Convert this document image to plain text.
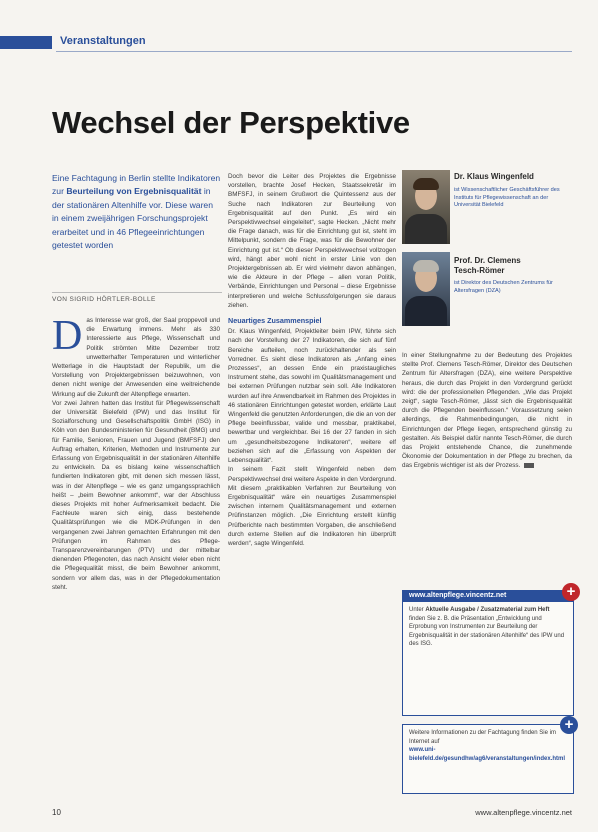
Veranstaltungen
Wechsel der Perspektive
Eine Fachtagung in Berlin stellte Indikatoren zur Beurteilung von Ergebnisqualität in der stationären Altenhilfe vor. Diese waren in einem zweijährigen Forschungsprojekt erarbeitet und in 46 Pflegeeinrichtungen getestet worden
VON SIGRID HÖRTLER-BOLLE
D as Interesse war groß, der Saal proppevoll und die Erwartung immens. Mehr als 330 Interessierte aus Pflege, Wissenschaft und Politik strömten Mitte Dezember trotz unwetterhafter Temperaturen und winterlicher Wetterlage in die Hauptstadt der Republik, um die Vorstellung von Projektergebnissen beizuwohnen, von denen nicht wenige der Anwesenden eine weitreichende Wirkung auf die Zukunft der Altenpflege erwarten.

Vor zwei Jahren hatten das Institut für Pflegewissenschaft der Universität Bielefeld (IPW) und das Institut für Sozialforschung und Gesellschaftspolitik GmbH (ISG) in Köln von den Bundesministerien für Gesundheit (BMG) und für Familie, Senioren, Frauen und Jugend (BMFSFJ) den Auftrag erhalten, Kriterien, Methoden und Instrumente zur Erfassung von Ergebnisqualität in der stationären Altenhilfe zu entwickeln. Da es bislang keine wissenschaftlich fundierten Indikatoren gibt, mit denen sich messen lässt, was in der Altenpflege – wie es ganz umgangssprachlich heißt – „beim Bewohner ankommt“, war der Abschluss dieses Projekts mit hoher Aufmerksamkeit bedacht. Die Fachleute waren sich einig, dass bestehende Qualitätsprüfungen wie die MDK-Prüfungen in den vergangenen zwei Jahren gemachten Erfahrungen mit den Prüfungen im Rahmen des Pflege-Transparenzvereinbarungen (PTV) und der mittelbar dienenden Pflegenoten, das nach Ansicht vieler eben nicht die Pflegequalität misst, die beim Bewohner ankommt, sondern vor allem das, was in der Pflegedokumentation steht.

Doch bevor die Leiter des Projektes die Ergebnisse vorstellen, brachte Josef Hecken, Staatssekretär im BMFSFJ, in seinem Grußwort die Quintessenz aus der Suche nach Indikatoren zur Beurteilung von Ergebnisqualität auf den Punkt. „Es wird ein Perspektivwechsel eingeleitet“, sagte Hecken. „Nicht mehr die Frage danach, was für die Einrichtung gut ist, steht im Mittelpunkt, sondern die Frage, was für die Bewohner der Einrichtung gut ist.“ Ob dieser Perspektivwechsel vollzogen wird, hängt aber wohl nicht in erster Linie von den Projektergebnissen ab. Er wird vielmehr davon abhängen, wie die Akteure in der Pflege – allen voran Politik, Verbände, Einrichtungen und Personal – diese Ergebnisse interpretieren und welche Schlussfolgerungen sie daraus ziehen.

Neuartiges Zusammenspiel

Dr. Klaus Wingenfeld, Projektleiter beim IPW, führte sich nach der Vorstellung der 27 Indikatoren, die sich auf fünf Bereiche aufteilen, noch zurückhaltender als sein Vorredner. Es sieht diese Indikatoren als „Anfang eines Prozesses“, an dessen Ende ein praxistaugliches Instrument stehe, das sowohl im Qualitätsmanagement und bei externen Prüfungen nutzbar sein soll. Alle Indikatoren wurden auf ihre Anwendbarkeit im Rahmen des Projektes in 46 stationären Einrichtungen getestet worden, erklärte Laut Wingenfeld die genutzten Anforderungen, die die an von der Pflege beeinflussbar, valide und messbar, praktikabel, bewertbar und vergleichbar. Bei 16 der 27 fanden in sich um „gesundheitsbezogene Indikatoren“, weitere elf beziehen sich auf die „Erfassung von Aspekten der Lebensqualität“.

In seinem Fazit stellt Wingenfeld neben dem Perspektivwechsel drei weitere Aspekte in den Vordergrund. Mit diesem „praktikablen Verfahren zur Beurteilung von Ergebnisqualität“ wäre ein neuartiges Zusammenspiel zwischen internem Qualitätsmanagement und externen Prüfinstanzen möglich. „Die Einrichtung erstellt künftig Prüfberichte nach bestimmten Vorgaben, die anschließend durch externe Stellen auf die Indikatoren hin überprüft werden“, sagte Wingenfeld.

Dr. Klaus Wingenfeld
ist Wissenschaftlicher Geschäftsführer des Instituts für Pflegewissenschaft an der Universität Bielefeld
Prof. Dr. Clemens
Tesch-Römer
ist Direktor des Deutschen Zentrums für Altersfragen (DZA)

In einer Stellungnahme zu der Bedeutung des Projektes stellte Prof. Clemens Tesch-Römer, Direktor des Deutschen Zentrum für Altersfragen (DZA), eine weitere Perspektive heraus, die durch das Projekt in den Vordergrund gerückt wird: die der professionellen Pflegenden. „Wie das Projekt zeigt“, sagte Tesch-Römer, „lässt sich die Ergebnisqualität durch die Pflegenden beeinflussen.“ Voraussetzung seien allerdings, die Rahmenbedingungen, die nicht in Einrichtungen der Pflege liegen, entsprechend günstig zu gestalten. Als Beispiel dafür nannte Tesch-Römer, die durch das Projekt entstehende Chance, die zunehmende Ökonomie der Dokumentation in der Pflege zu brechen, da das Ergebnis wichtiger ist als der Prozess.

www.altenpflege.vincentz.net
Unter Aktuelle Ausgabe / Zusatzmaterial zum Heft finden Sie z. B. die Präsentation „Entwicklung und Erprobung von Instrumenten zur Beurteilung der Ergebnisqualität in der stationären Altenhilfe“ des IPW und des ISG.
+
Weitere Informationen zu der Fachtagung finden Sie im Internet auf
www.uni-bielefeld.de/gesundhw/ag6/veranstaltungen/index.html
+
10	www.altenpflege.vincentz.net
